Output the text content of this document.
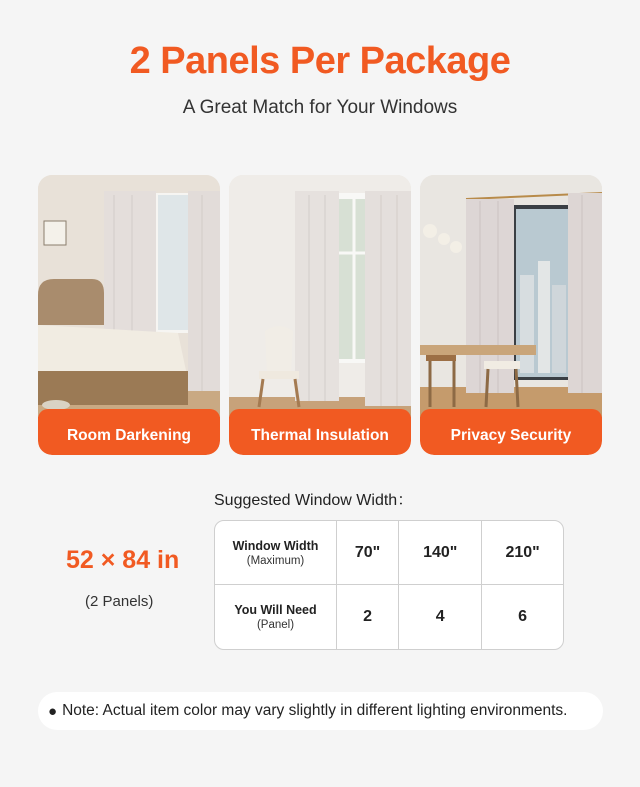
2 Panels Per Package
A Great Match for Your Windows
Room Darkening	Thermal Insulation	Privacy Security
Suggested Window Width：
52 × 84 in
(2 Panels)
Window Width
(Maximum)	70"	140"	210"

You Will Need
(Panel)	2	4	6
● Note: Actual item color may vary slightly in different lighting environments.
